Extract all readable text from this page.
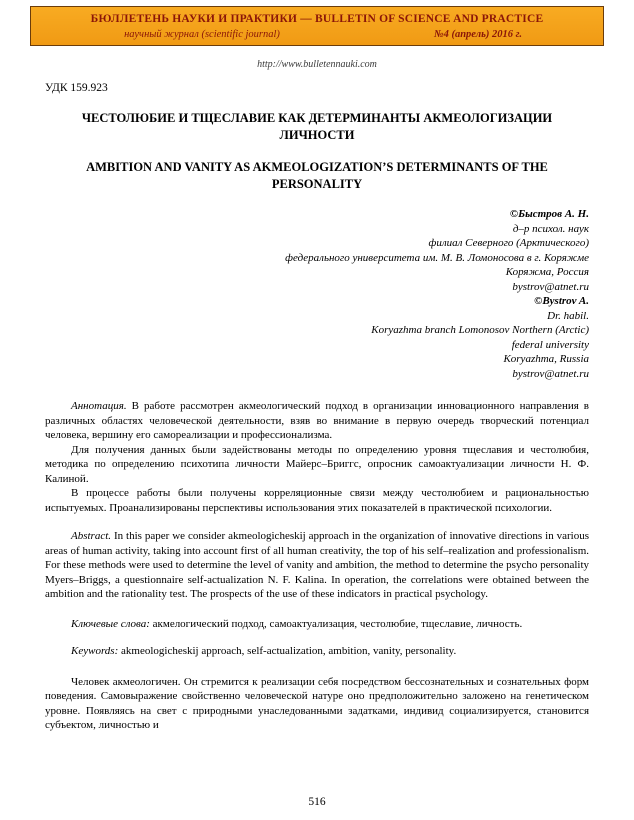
БЮЛЛЕТЕНЬ НАУКИ И ПРАКТИКИ — BULLETIN OF SCIENCE AND PRACTICE
научный журнал (scientific journal)	№4 (апрель) 2016 г.
http://www.bulletennauki.com
УДК 159.923
ЧЕСТОЛЮБИЕ И ТЩЕСЛАВИЕ КАК ДЕТЕРМИНАНТЫ АКМЕОЛОГИЗАЦИИ ЛИЧНОСТИ
AMBITION AND VANITY AS AKMEOLOGIZATION’S DETERMINANTS OF THE PERSONALITY
©Быстров А. Н.
д–р психол. наук
филиал Северного (Арктического)
федерального университета им. М. В. Ломоносова в г. Коряжме
Коряжма, Россия
bystrov@atnet.ru
©Bystrov A.
Dr. habil.
Koryazhma branch Lomonosov Northern (Arctic)
federal university
Koryazhma, Russia
bystrov@atnet.ru

Аннотация. В работе рассмотрен акмеологический подход в организации инновационного направления в различных областях человеческой деятельности, взяв во внимание в первую очередь творческий потенциал человека, вершину его самореализации и профессионализма.

Для получения данных были задействованы методы по определению уровня тщеславия и честолюбия, методика по определению психотипа личности Майерс–Бриггс, опросник самоактуализации личности Н. Ф. Калиной.

В процессе работы были получены корреляционные связи между честолюбием и рациональностью испытуемых. Проанализированы перспективы использования этих показателей в практической психологии.

Abstract. In this paper we consider akmeologicheskij approach in the organization of innovative directions in various areas of human activity, taking into account first of all human creativity, the top of his self–realization and professionalism. For these methods were used to determine the level of vanity and ambition, the method to determine the psycho personality Myers–Briggs, a questionnaire self-actualization N. F. Kalina. In operation, the correlations were obtained between the ambition and the rationality test. The prospects of the use of these indicators in practical psychology.

Ключевые слова: акмелогический подход, самоактуализация, честолюбие, тщеславие, личность.

Keywords: akmeologicheskij approach, self-actualization, ambition, vanity, personality.

Человек акмеологичен. Он стремится к реализации себя посредством бессознательных и сознательных форм поведения. Самовыражение свойственно человеческой натуре оно предположительно заложено на генетическом уровне. Появляясь на свет с природными унаследованными задатками, индивид социализируется, становится субъектом, личностью и

516
